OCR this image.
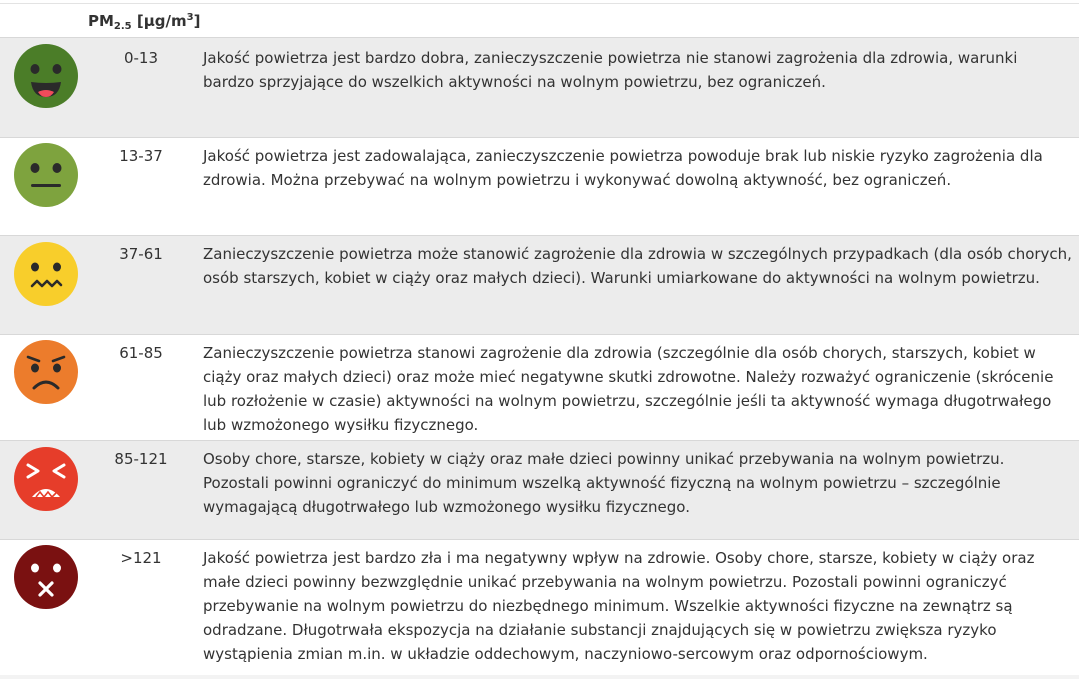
$PM_{2.5}$ $[\mu g/m^3]$
0-13	Jakość powietrza jest bardzo dobra, zanieczyszczenie powietrza nie stanowi zagrożenia dla zdrowia, warunki bardzo sprzyjające do wszelkich aktywności na wolnym powietrzu, bez ograniczeń.
13-37	Jakość powietrza jest zadowalająca, zanieczyszczenie powietrza powoduje brak lub niskie ryzyko zagrożenia dla zdrowia. Można przebywać na wolnym powietrzu i wykonywać dowolną aktywność, bez ograniczeń.
37-61	Zanieczyszczenie powietrza może stanowić zagrożenie dla zdrowia w szczególnych przypadkach (dla osób chorych, osób starszych, kobiet w ciąży oraz małych dzieci). Warunki umiarkowane do aktywności na wolnym powietrzu.
61-85	Zanieczyszczenie powietrza stanowi zagrożenie dla zdrowia (szczególnie dla osób chorych, starszych, kobiet w ciąży oraz małych dzieci) oraz może mieć negatywne skutki zdrowotne. Należy rozważyć ograniczenie (skrócenie lub rozłożenie w czasie) aktywności na wolnym powietrzu, szczególnie jeśli ta aktywność wymaga długotrwałego lub wzmożonego wysiłku fizycznego.
85-121	Osoby chore, starsze, kobiety w ciąży oraz małe dzieci powinny unikać przebywania na wolnym powietrzu. Pozostali powinni ograniczyć do minimum wszelką aktywność fizyczną na wolnym powietrzu – szczególnie wymagającą długotrwałego lub wzmożonego wysiłku fizycznego.
>121	Jakość powietrza jest bardzo zła i ma negatywny wpływ na zdrowie. Osoby chore, starsze, kobiety w ciąży oraz małe dzieci powinny bezwzględnie unikać przebywania na wolnym powietrzu. Pozostali powinni ograniczyć przebywanie na wolnym powietrzu do niezbędnego minimum. Wszelkie aktywności fizyczne na zewnątrz są odradzane. Długotrwała ekspozycja na działanie substancji znajdujących się w powietrzu zwiększa ryzyko wystąpienia zmian m.in. w układzie oddechowym, naczyniowo-sercowym oraz odpornościowym.
